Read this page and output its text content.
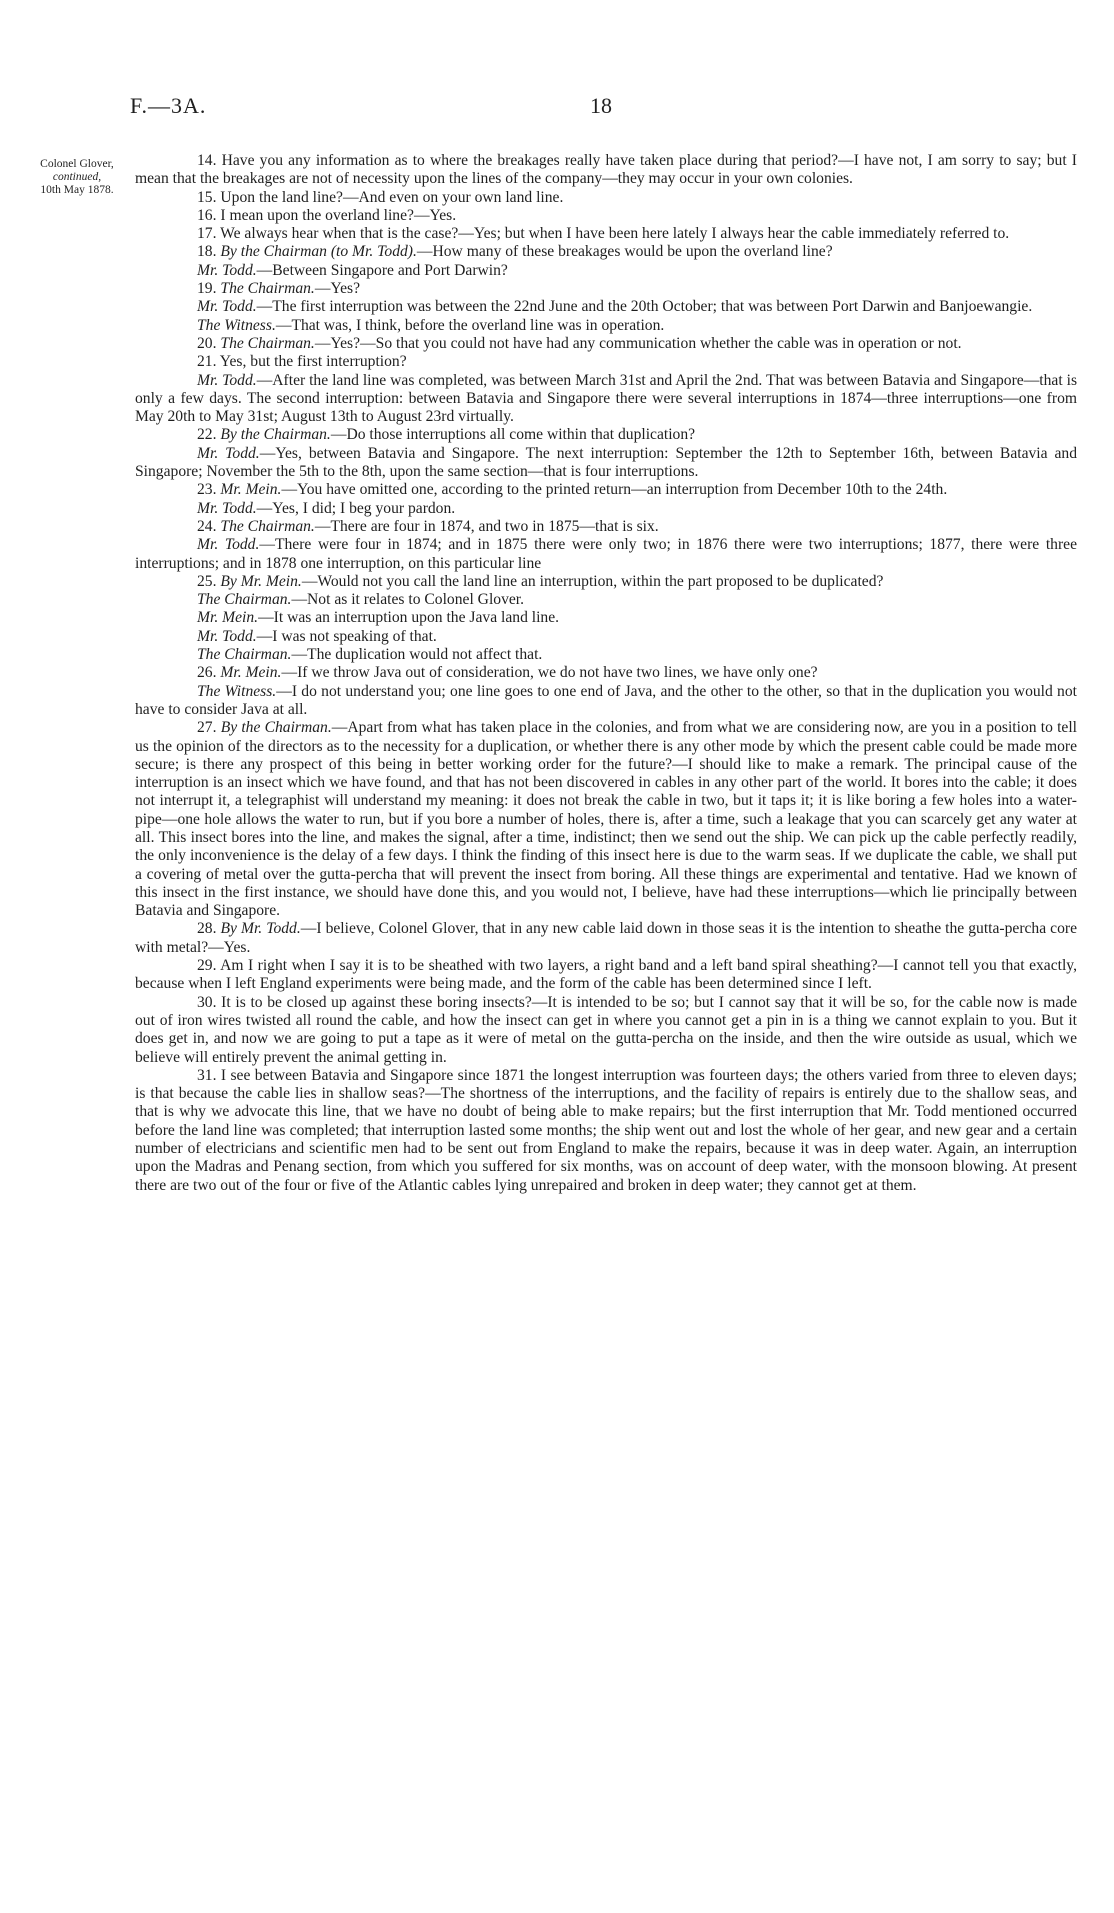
F.—3A.	18
Colonel Glover,
continued,
10th May 1878.

14. Have you any information as to where the breakages really have taken place during that period?—I have not, I am sorry to say; but I mean that the breakages are not of necessity upon the lines of the company—they may occur in your own colonies.

15. Upon the land line?—And even on your own land line.

16. I mean upon the overland line?—Yes.

17. We always hear when that is the case?—Yes; but when I have been here lately I always hear the cable immediately referred to.

18. By the Chairman (to Mr. Todd).—How many of these breakages would be upon the overland line?

Mr. Todd.—Between Singapore and Port Darwin?

19. The Chairman.—Yes?

Mr. Todd.—The first interruption was between the 22nd June and the 20th October; that was between Port Darwin and Banjoewangie.

The Witness.—That was, I think, before the overland line was in operation.

20. The Chairman.—Yes?—So that you could not have had any communication whether the cable was in operation or not.

21. Yes, but the first interruption?

Mr. Todd.—After the land line was completed, was between March 31st and April the 2nd. That was between Batavia and Singapore—that is only a few days. The second interruption: between Batavia and Singapore there were several interruptions in 1874—three interruptions—one from May 20th to May 31st; August 13th to August 23rd virtually.

22. By the Chairman.—Do those interruptions all come within that duplication?

Mr. Todd.—Yes, between Batavia and Singapore. The next interruption: September the 12th to September 16th, between Batavia and Singapore; November the 5th to the 8th, upon the same section—that is four interruptions.

23. Mr. Mein.—You have omitted one, according to the printed return—an interruption from December 10th to the 24th.

Mr. Todd.—Yes, I did; I beg your pardon.

24. The Chairman.—There are four in 1874, and two in 1875—that is six.

Mr. Todd.—There were four in 1874; and in 1875 there were only two; in 1876 there were two interruptions; 1877, there were three interruptions; and in 1878 one interruption, on this particular line

25. By Mr. Mein.—Would not you call the land line an interruption, within the part proposed to be duplicated?

The Chairman.—Not as it relates to Colonel Glover.

Mr. Mein.—It was an interruption upon the Java land line.

Mr. Todd.—I was not speaking of that.

The Chairman.—The duplication would not affect that.

26. Mr. Mein.—If we throw Java out of consideration, we do not have two lines, we have only one?

The Witness.—I do not understand you; one line goes to one end of Java, and the other to the other, so that in the duplication you would not have to consider Java at all.

27. By the Chairman.—Apart from what has taken place in the colonies, and from what we are considering now, are you in a position to tell us the opinion of the directors as to the necessity for a duplication, or whether there is any other mode by which the present cable could be made more secure; is there any prospect of this being in better working order for the future?—I should like to make a remark. The principal cause of the interruption is an insect which we have found, and that has not been discovered in cables in any other part of the world. It bores into the cable; it does not interrupt it, a telegraphist will understand my meaning: it does not break the cable in two, but it taps it; it is like boring a few holes into a water-pipe—one hole allows the water to run, but if you bore a number of holes, there is, after a time, such a leakage that you can scarcely get any water at all. This insect bores into the line, and makes the signal, after a time, indistinct; then we send out the ship. We can pick up the cable perfectly readily, the only inconvenience is the delay of a few days. I think the finding of this insect here is due to the warm seas. If we duplicate the cable, we shall put a covering of metal over the gutta-percha that will prevent the insect from boring. All these things are experimental and tentative. Had we known of this insect in the first instance, we should have done this, and you would not, I believe, have had these interruptions—which lie principally between Batavia and Singapore.

28. By Mr. Todd.—I believe, Colonel Glover, that in any new cable laid down in those seas it is the intention to sheathe the gutta-percha core with metal?—Yes.

29. Am I right when I say it is to be sheathed with two layers, a right band and a left band spiral sheathing?—I cannot tell you that exactly, because when I left England experiments were being made, and the form of the cable has been determined since I left.

30. It is to be closed up against these boring insects?—It is intended to be so; but I cannot say that it will be so, for the cable now is made out of iron wires twisted all round the cable, and how the insect can get in where you cannot get a pin in is a thing we cannot explain to you. But it does get in, and now we are going to put a tape as it were of metal on the gutta-percha on the inside, and then the wire outside as usual, which we believe will entirely prevent the animal getting in.

31. I see between Batavia and Singapore since 1871 the longest interruption was fourteen days; the others varied from three to eleven days; is that because the cable lies in shallow seas?—The shortness of the interruptions, and the facility of repairs is entirely due to the shallow seas, and that is why we advocate this line, that we have no doubt of being able to make repairs; but the first interruption that Mr. Todd mentioned occurred before the land line was completed; that interruption lasted some months; the ship went out and lost the whole of her gear, and new gear and a certain number of electricians and scientific men had to be sent out from England to make the repairs, because it was in deep water. Again, an interruption upon the Madras and Penang section, from which you suffered for six months, was on account of deep water, with the monsoon blowing. At present there are two out of the four or five of the Atlantic cables lying unrepaired and broken in deep water; they cannot get at them.
